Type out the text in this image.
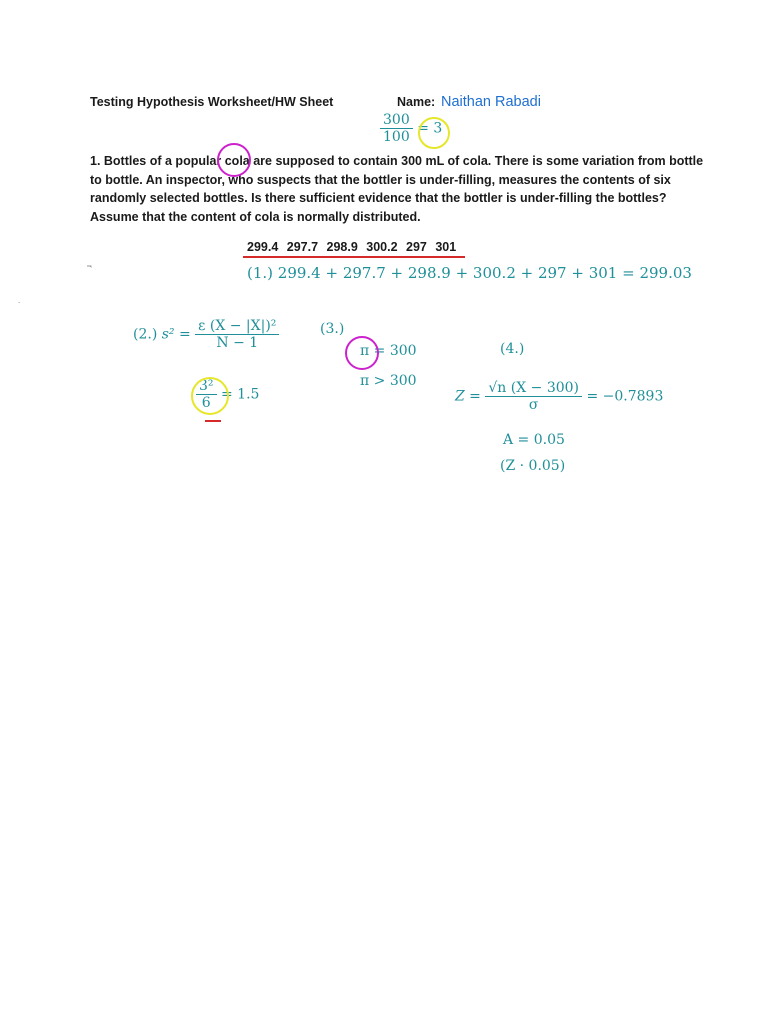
Testing Hypothesis Worksheet/HW Sheet	Name: Naithan Rabadi
$\frac{300}{100} = 3$
1. Bottles of a popular cola are supposed to contain 300 mL of cola. There is some variation from bottle
to bottle. An inspector, who suspects that the bottler is under-filling, measures the contents of six
randomly selected bottles. Is there sufficient evidence that the bottler is under-filling the bottles?
Assume that the content of cola is normally distributed.
299.4 297.7 298.9 300.2 297 301
r
.
(1.) 299.4 + 297.7 + 298.9 + 300.2 + 297 + 301 = 299.03
(2.) $s^2 = \frac{\text{ε (X − |X|)²}}{N - 1}$
$\frac{\text{3²}}{6} = 1.5$
(3.)
π = 300
π > 300
(4.)
$Z = \frac{√n (X - 300)}{\sigma} = -0.7893$
A = 0.05
(Z · 0.05)
